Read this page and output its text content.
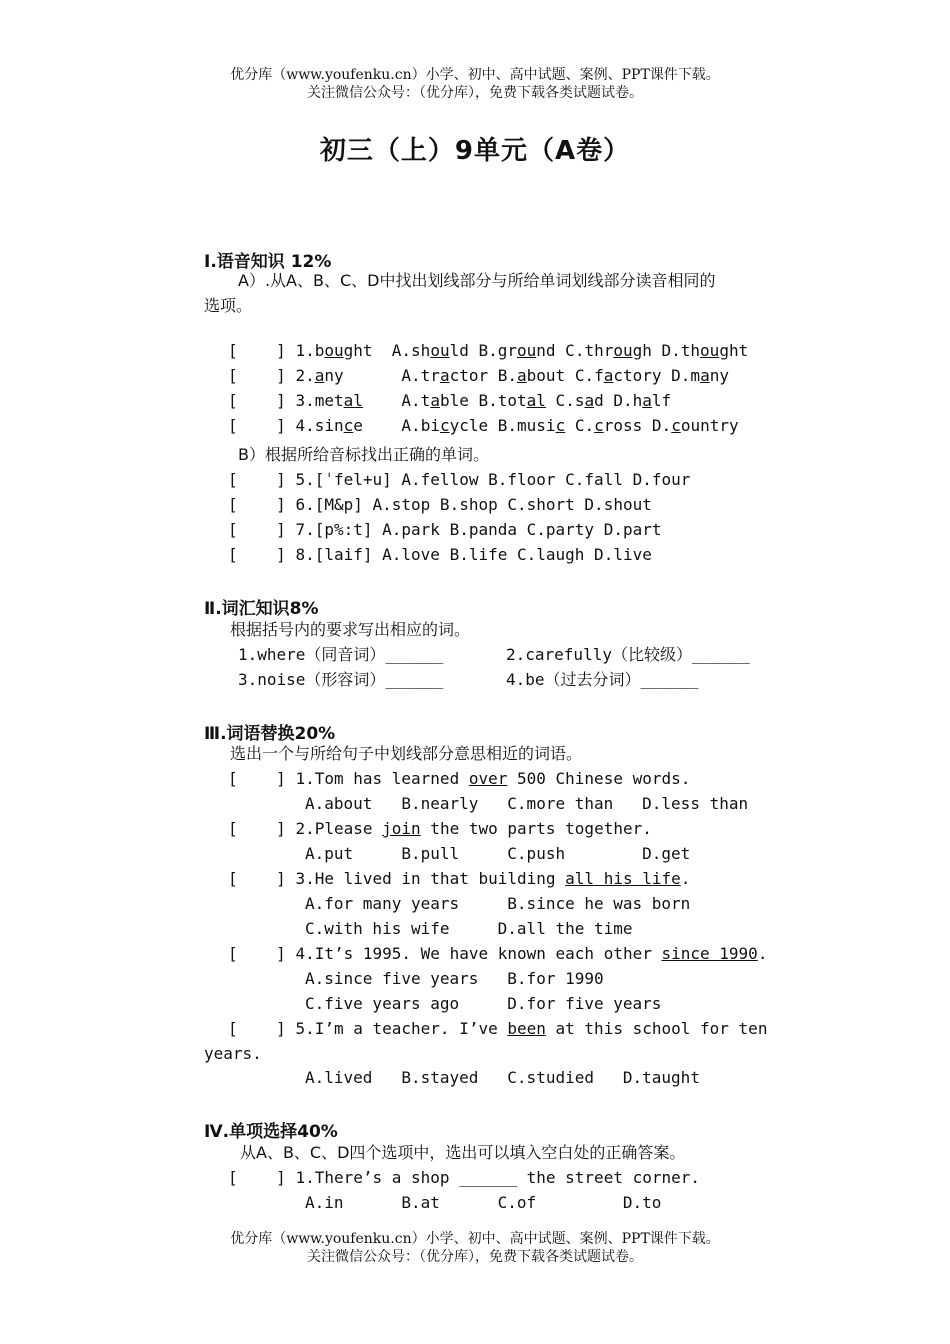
优分库（www.youfenku.cn）小学、初中、高中试题、案例、PPT课件下载。
关注微信公众号：（优分库），免费下载各类试题试卷。
初三（上）9单元（A卷）
Ⅰ.语音知识 12%
A）.从A、B、C、D中找出划线部分与所给单词划线部分读音相同的
选项。

[    ] 1.bought A.should B.ground C.through D.thought

[    ] 2.any	A.tractor B.about C.factory D.many

[    ] 3.metal A.table B.total C.sad D.half

[    ] 4.since A.bicycle B.music C.cross D.country

B）根据所给音标找出正确的单词。
[    ] 5.[ˈfel+u] A.fellow B.floor C.fall D.four
[    ] 6.[M&p] A.stop B.shop C.short D.shout
[    ] 7.[p%:t] A.park B.panda C.party D.part
[    ] 8.[laif] A.love B.life C.laugh D.live
Ⅱ.词汇知识8%
根据括号内的要求写出相应的词。
1.where（同音词）______	2.carefully（比较级）______
3.noise（形容词）______	4.be（过去分词）______
Ⅲ.词语替换20%
选出一个与所给句子中划线部分意思相近的词语。
[    ] 1.Tom has learned over 500 Chinese words.
A.about   B.nearly   C.more than   D.less than
[    ] 2.Please join the two parts together.
A.put     B.pull     C.push        D.get
[    ] 3.He lived in that building all his life.
A.for many years     B.since he was born
C.with his wife     D.all the time
[    ] 4.It’s 1995. We have known each other since 1990.
A.since five years   B.for 1990
C.five years ago     D.for five years
[    ] 5.I’m a teacher. I’ve been at this school for ten
years.
A.lived   B.stayed   C.studied   D.taught
Ⅳ.单项选择40%
从A、B、C、D四个选项中，选出可以填入空白处的正确答案。
[    ] 1.There’s a shop ______ the street corner.
A.in      B.at      C.of         D.to
优分库（www.youfenku.cn）小学、初中、高中试题、案例、PPT课件下载。
关注微信公众号：（优分库），免费下载各类试题试卷。
